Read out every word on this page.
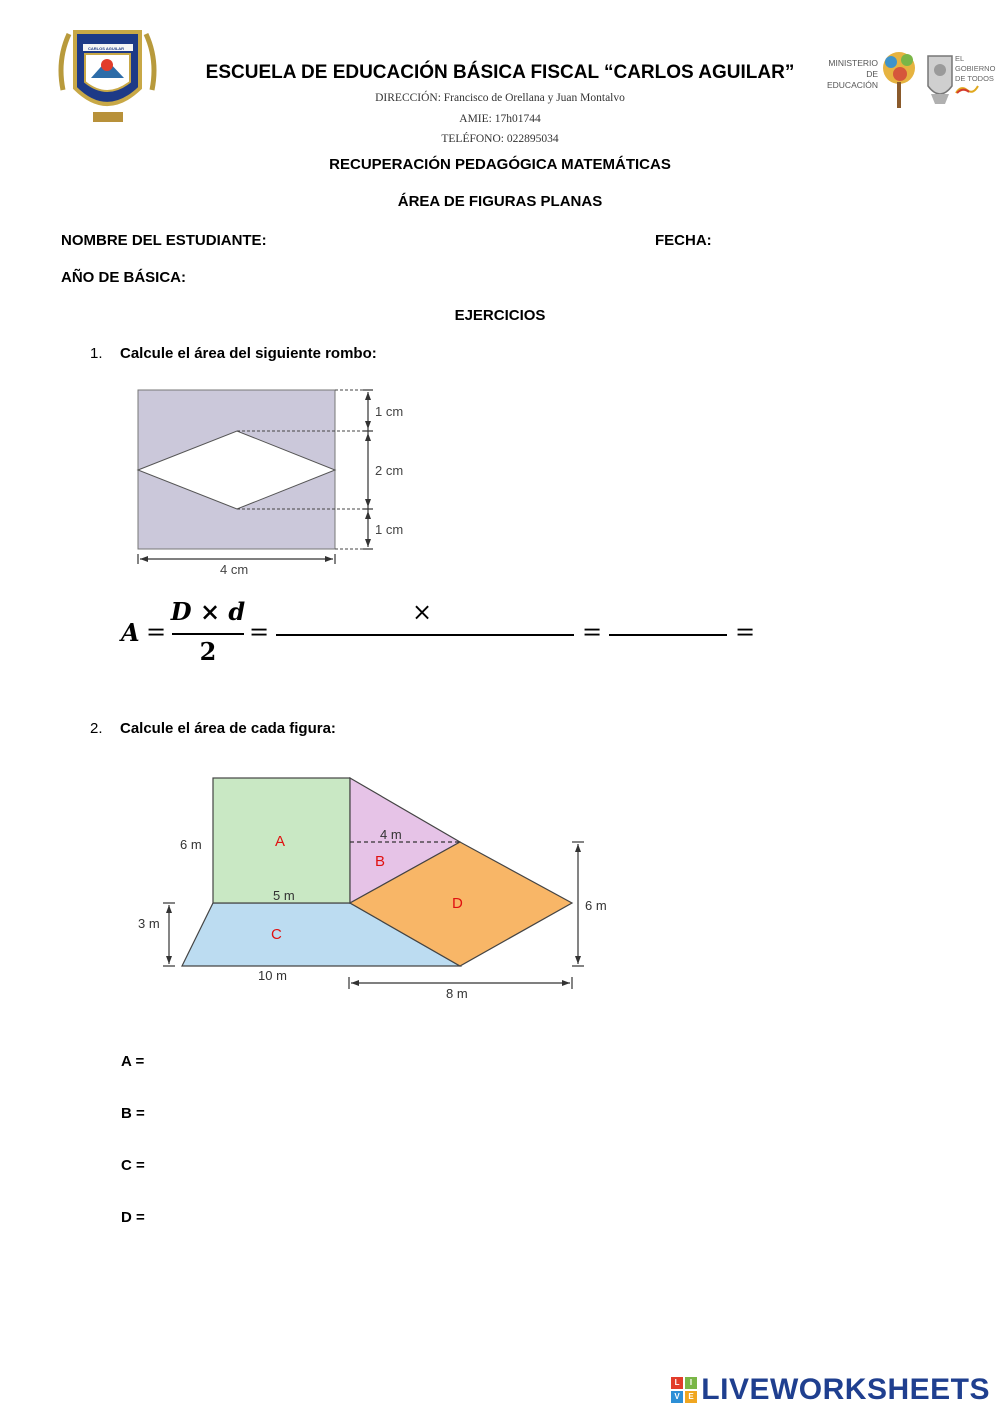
CARLOS AGUILAR
ESCUELA DE EDUCACIÓN BÁSICA FISCAL “CARLOS AGUILAR”
DIRECCIÓN: Francisco de Orellana y Juan Montalvo
AMIE: 17h01744
TELÉFONO: 022895034
MINISTERIO
DE EDUCACIÓN
EL
GOBIERNO
DE TODOS
RECUPERACIÓN PEDAGÓGICA MATEMÁTICAS
ÁREA DE FIGURAS PLANAS
NOMBRE DEL ESTUDIANTE:	FECHA:
AÑO DE BÁSICA:
EJERCICIOS
1. Calcule el área del siguiente rombo:
1 cm
2 cm
1 cm
4 cm
A =
D × d
2
=
×
=	=
2. Calcule el área de cada figura:
6 m
4 m
5 m
3 m
10 m
8 m
6 m
A
B
C
D
A =
B =
C =
D =
L	I
V	E LIVEWORKSHEETS
